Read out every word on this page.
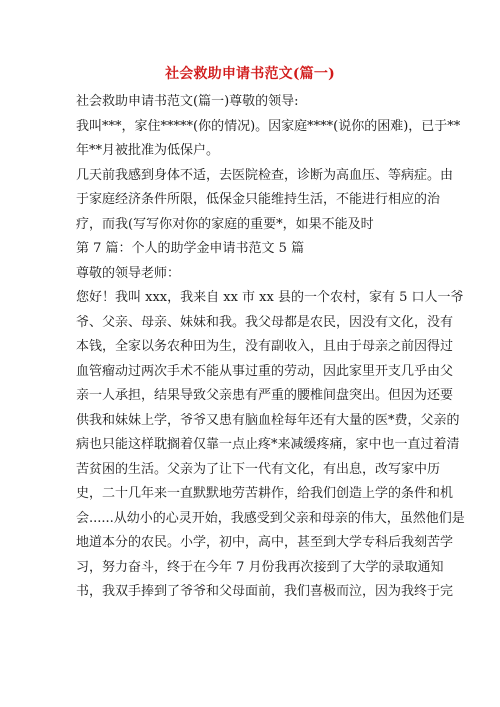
社会救助申请书范文(篇一)
社会救助申请书范文(篇一)尊敬的领导:
我叫***，家住*****(你的情况)。因家庭****(说你的困难)，已于**
年**月被批准为低保户。
几天前我感到身体不适，去医院检查，诊断为高血压、等病症。由
于家庭经济条件所限，低保金只能维持生活，不能进行相应的治
疗，而我(写写你对你的家庭的重要*，如果不能及时
第 7 篇：个人的助学金申请书范文 5 篇
尊敬的领导老师：
您好！我叫 xxx，我来自 xx 市 xx 县的一个农村，家有 5 口人一爷
爷、父亲、母亲、妹妹和我。我父母都是农民，因没有文化，没有
本钱，全家以务农种田为生，没有副收入，且由于母亲之前因得过
血管瘤动过两次手术不能从事过重的劳动，因此家里开支几乎由父
亲一人承担，结果导致父亲患有严重的腰椎间盘突出。但因为还要
供我和妹妹上学，爷爷又患有脑血栓每年还有大量的医*费，父亲的
病也只能这样耽搁着仅靠一点止疼*来减缓疼痛，家中也一直过着清
苦贫困的生活。父亲为了让下一代有文化，有出息，改写家中历
史，二十几年来一直默默地劳苦耕作，给我们创造上学的条件和机
会......从幼小的心灵开始，我感受到父亲和母亲的伟大，虽然他们是
地道本分的农民。小学，初中，高中，甚至到大学专科后我刻苦学
习，努力奋斗，终于在今年 7 月份我再次接到了大学的录取通知
书，我双手捧到了爷爷和父母面前，我们喜极而泣，因为我终于完
